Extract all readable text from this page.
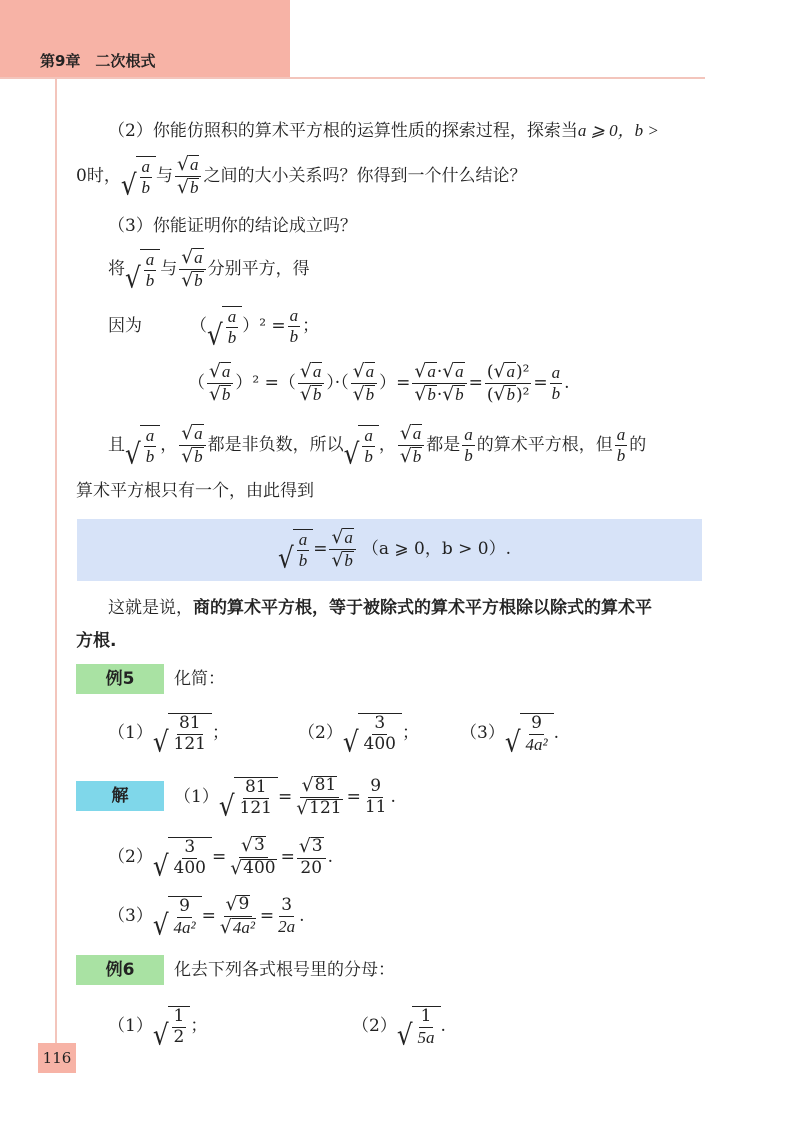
第9章　二次根式
116
（2）你能仿照积的算术平方根的运算性质的探索过程，探索当a ⩾ 0，b >
0时， √ $\frac{a}{b}$ 与 $\frac{√ a}{√ b}$ 之间的大小关系吗？你得到一个什么结论？
（3）你能证明你的结论成立吗？
将 √ $\frac{a}{b}$ 与 $\frac{√ a}{√ b}$ 分别平方，得
因为	（ √ $\frac{a}{b} )^2 = \frac{a}{b}$ ；
（ $\frac{√ a}{√ b} )^2$ =（ $\frac{√ a}{√ b}$ ）·（ $\frac{√ a}{√ b}$ ）= $\frac{√ a \cdot √ a}{√ b \cdot √ b} = \frac{\text{( √ a )²}}{\text{( √ b )²}} = \frac{a}{b}$ .
且 √ $\frac{a}{b}$ ， $\frac{√ a}{√ b}$ 都是非负数，所以 √ $\frac{a}{b}$ ， $\frac{√ a}{√ b}$ 都是 $\frac{a}{b}$ 的算术平方根，但 $\frac{a}{b}$ 的
算术平方根只有一个，由此得到
√ $\frac{a}{b} = \frac{√ a}{√ b} (a$ ⩾ 0，b > 0）.
这就是说，商的算术平方根，等于被除式的算术平方根除以除式的算术平
方根.
例5	化简：
（1） √ $\frac{81}{121}$ ；	（2） √ $\frac{3}{400}$ ； （3） √ $\frac{9}{\text{4a²}}$ .
解	（1） √ $\frac{81}{121} = \frac{√ 81}{√ 121} = \frac{9}{11}$ .
（2） √ $\frac{3}{400} = \frac{√ 3}{√ 400} = \frac{√ 3}{20}$ .
（3） √ $\frac{9}{\text{4a²}} = \frac{√ 9}{\text{√ 4a²}} = \frac{3}{2a}$ .
例6	化去下列各式根号里的分母：
（1） √ $\frac{1}{2}$ ；	（2） √ $\frac{1}{5a}$ .
